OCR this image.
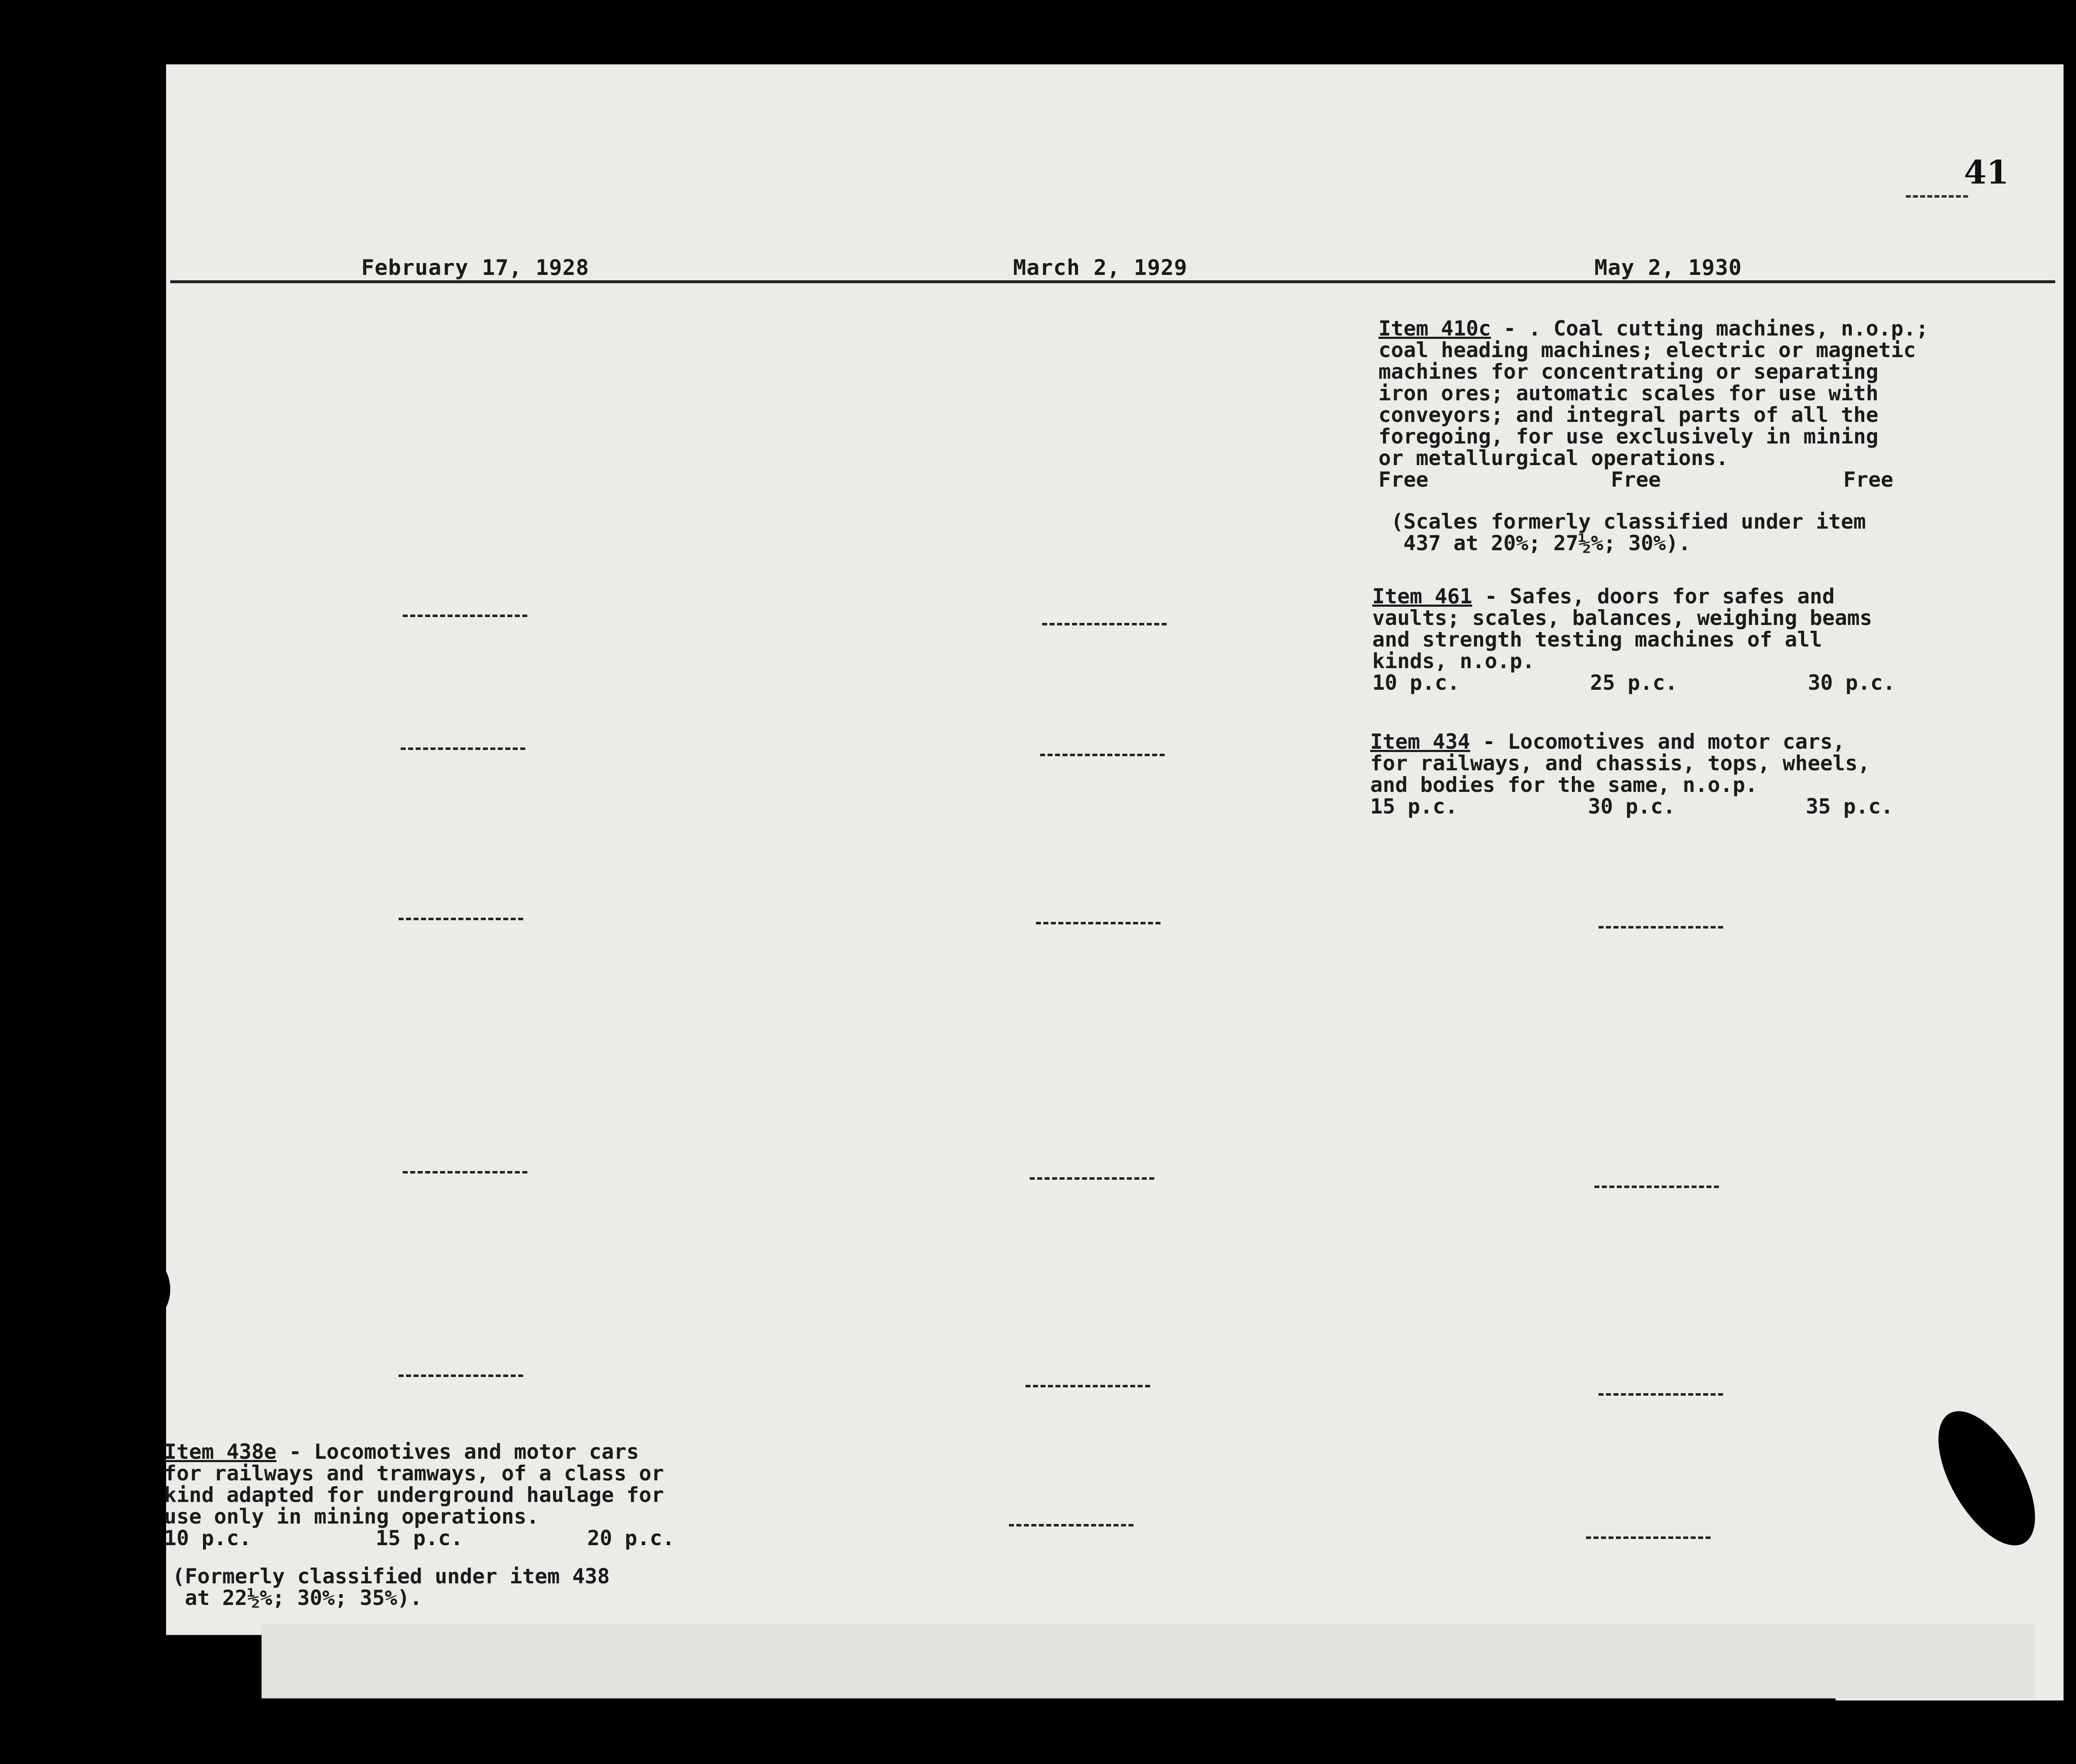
41
February 17, 1928	March 2, 1929	May 2, 1930
Item 410c - . Coal cutting machines, n.o.p.;
coal heading machines; electric or magnetic
machines for concentrating or separating
iron ores; automatic scales for use with
conveyors; and integral parts of all the
foregoing, for use exclusively in mining
or metallurgical operations.
Free	Free	Free
(Scales formerly classified under item
437 at 20%; 27½%; 30%).
Item 461 - Safes, doors for safes and
vaults; scales, balances, weighing beams
and strength testing machines of all
kinds, n.o.p.
10 p.c.	25 p.c.	30 p.c.
Item 434 - Locomotives and motor cars,
for railways, and chassis, tops, wheels,
and bodies for the same, n.o.p.
15 p.c.	30 p.c.	35 p.c.
Item 438e - Locomotives and motor cars
for railways and tramways, of a class or
kind adapted for underground haulage for
use only in mining operations.
10 p.c.	15 p.c.	20 p.c.
(Formerly classified under item 438
at 22½%; 30%; 35%).
